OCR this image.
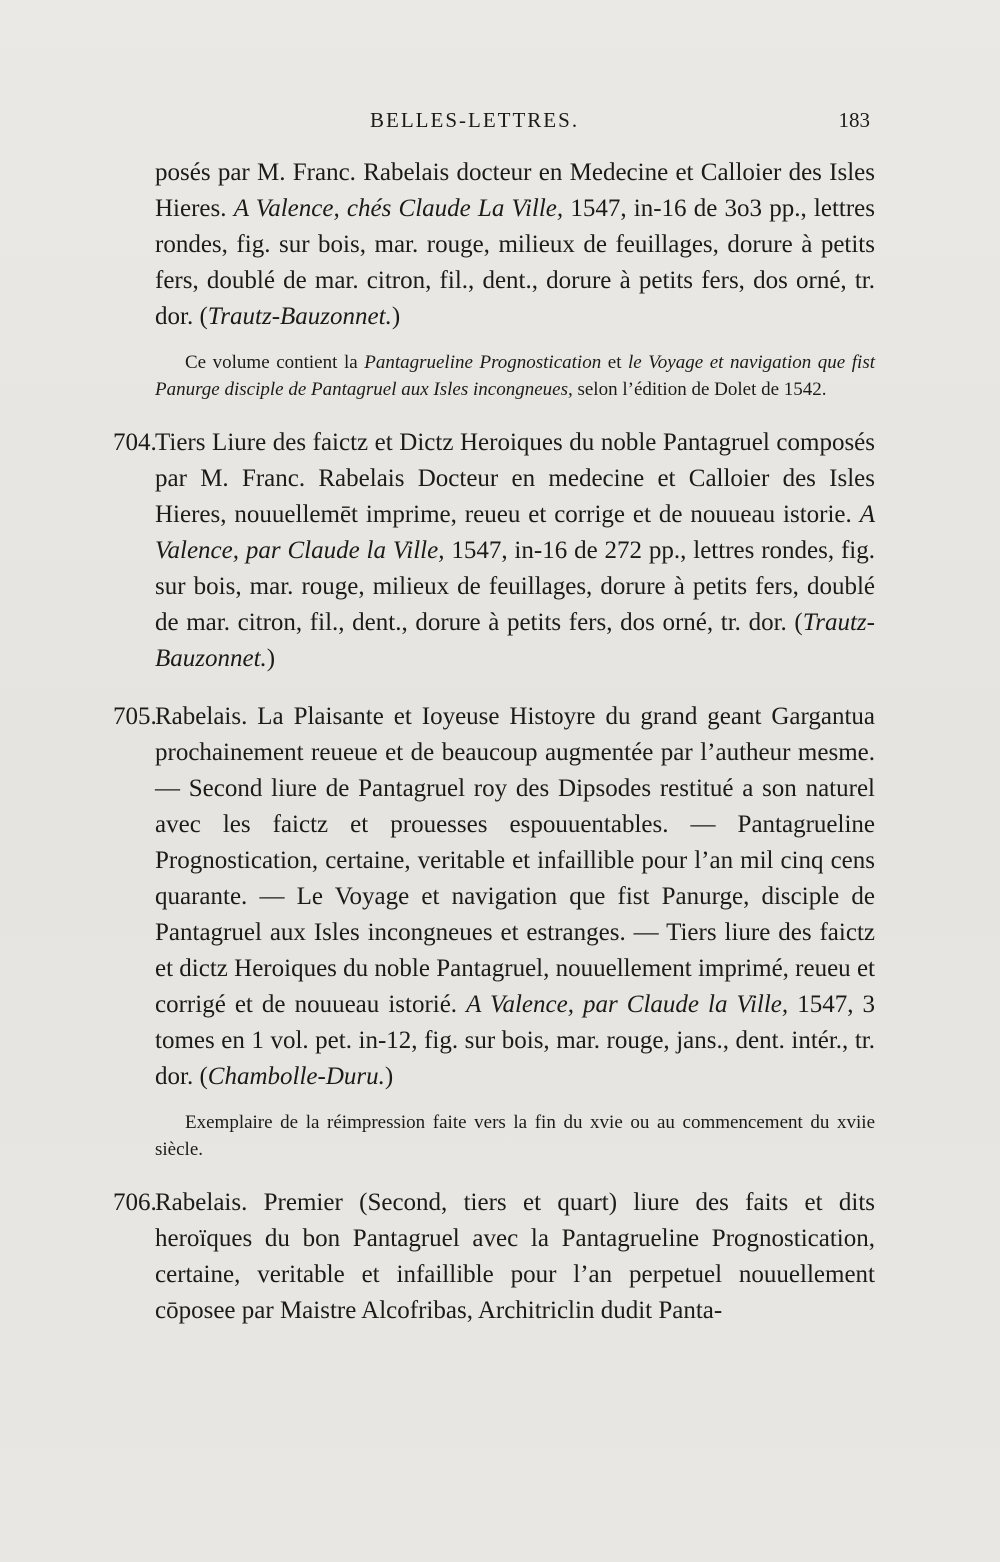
BELLES-LETTRES.	183

posés par M. Franc. Rabelais docteur en Medecine et Calloier des Isles Hieres. A Valence, chés Claude La Ville, 1547, in-16 de 3o3 pp., lettres rondes, fig. sur bois, mar. rouge, milieux de feuillages, dorure à petits fers, doublé de mar. citron, fil., dent., dorure à petits fers, dos orné, tr. dor. (Trautz-Bauzonnet.)

Ce volume contient la Pantagrueline Prognostication et le Voyage et navigation que fist Panurge disciple de Pantagruel aux Isles incongneues, selon l’édition de Dolet de 1542.

704.Tiers Liure des faictz et Dictz Heroiques du noble Pantagruel composés par M. Franc. Rabelais Docteur en medecine et Calloier des Isles Hieres, nouuellemēt imprime, reueu et corrige et de nouueau istorie. A Valence, par Claude la Ville, 1547, in-16 de 272 pp., lettres rondes, fig. sur bois, mar. rouge, milieux de feuillages, dorure à petits fers, doublé de mar. citron, fil., dent., dorure à petits fers, dos orné, tr. dor. (Trautz-Bauzonnet.)

705.Rabelais. La Plaisante et Ioyeuse Histoyre du grand geant Gargantua prochainement reueue et de beaucoup augmentée par l’autheur mesme. — Second liure de Pantagruel roy des Dipsodes restitué a son naturel avec les faictz et prouesses espouuentables. — Pantagrueline Prognostication, certaine, veritable et infaillible pour l’an mil cinq cens quarante. — Le Voyage et navigation que fist Panurge, disciple de Pantagruel aux Isles incongneues et estranges. — Tiers liure des faictz et dictz Heroiques du noble Pantagruel, nouuellement imprimé, reueu et corrigé et de nouueau istorié. A Valence, par Claude la Ville, 1547, 3 tomes en 1 vol. pet. in-12, fig. sur bois, mar. rouge, jans., dent. intér., tr. dor. (Chambolle-Duru.)

Exemplaire de la réimpression faite vers la fin du xvie ou au commencement du xviie siècle.

706.Rabelais. Premier (Second, tiers et quart) liure des faits et dits heroïques du bon Pantagruel avec la Pantagrueline Prognostication, certaine, veritable et infaillible pour l’an perpetuel nouuellement cōposee par Maistre Alcofribas, Architriclin dudit Panta-
